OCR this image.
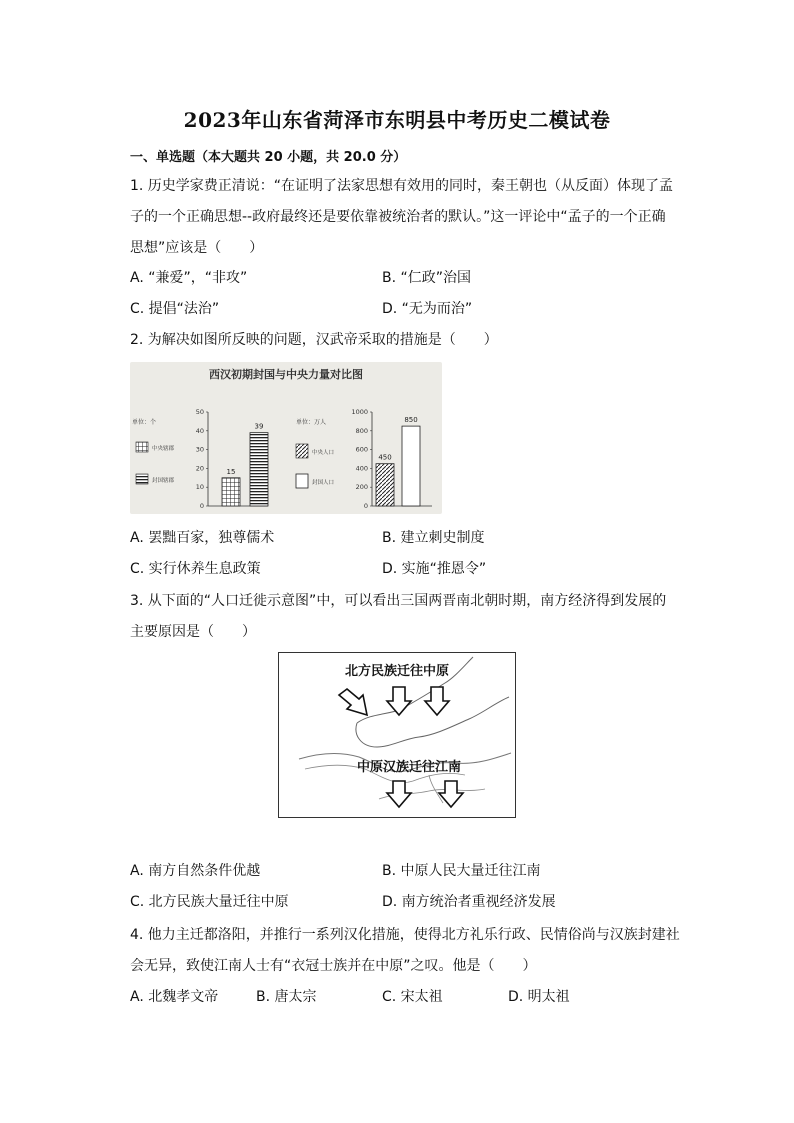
2023年山东省菏泽市东明县中考历史二模试卷
一、单选题（本大题共 20 小题，共 20.0 分）
1. 历史学家费正清说：“在证明了法家思想有效用的同时，秦王朝也（从反面）体现了孟
子的一个正确思想--政府最终还是要依靠被统治者的默认。”这一评论中“孟子的一个正确
思想”应该是（　　）
A. “兼爱”，“非攻”	B. “仁政”治国
C. 提倡“法治”	D. “无为而治”
2. 为解决如图所反映的问题，汉武帝采取的措施是（　　）
西汉初期封国与中央力量对比图
单位：个
中央辖郡
封国辖郡
0
10
20
30
40
50
15
39
单位：万人
中央人口
封国人口
0
200
400
600
800
1000
450
850
A. 罢黜百家，独尊儒术	B. 建立刺史制度
C. 实行休养生息政策	D. 实施“推恩令”
3. 从下面的“人口迁徙示意图”中，可以看出三国两晋南北朝时期，南方经济得到发展的
主要原因是（　　）
北方民族迁往中原
中原汉族迁往江南
A. 南方自然条件优越	B. 中原人民大量迁往江南
C. 北方民族大量迁往中原	D. 南方统治者重视经济发展
4. 他力主迁都洛阳，并推行一系列汉化措施，使得北方礼乐行政、民情俗尚与汉族封建社
会无异，致使江南人士有“衣冠士族并在中原”之叹。他是（　　）
A. 北魏孝文帝	B. 唐太宗	C. 宋太祖	D. 明太祖
